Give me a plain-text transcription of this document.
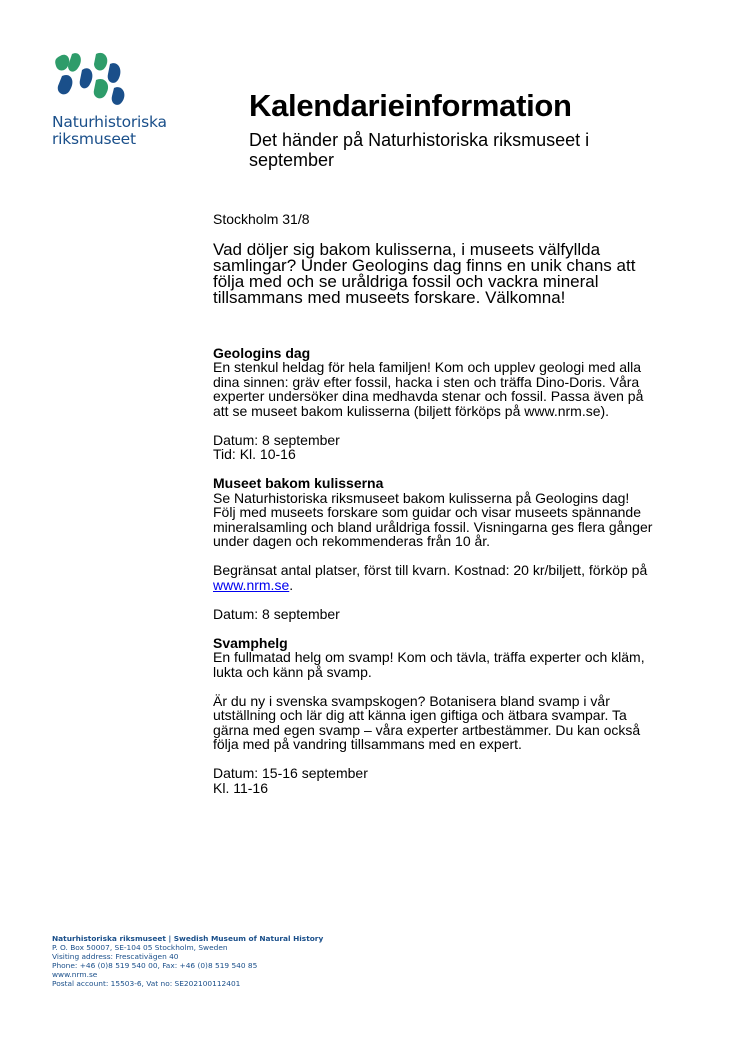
Naturhistoriska
riksmuseet
Kalendarieinformation
Det händer på Naturhistoriska riksmuseet i september

Stockholm 31/8

Vad döljer sig bakom kulisserna, i museets välfyllda samlingar? Under Geologins dag finns en unik chans att följa med och se uråldriga fossil och vackra mineral tillsammans med museets forskare. Välkomna!

Geologins dag

En stenkul heldag för hela familjen! Kom och upplev geologi med alla dina sinnen: gräv efter fossil, hacka i sten och träffa Dino-Doris. Våra experter undersöker dina medhavda stenar och fossil. Passa även på att se museet bakom kulisserna (biljett förköps på www.nrm.se).

Datum: 8 september

Tid: Kl. 10-16

Museet bakom kulisserna

Se Naturhistoriska riksmuseet bakom kulisserna på Geologins dag! Följ med museets forskare som guidar och visar museets spännande mineralsamling och bland uråldriga fossil. Visningarna ges flera gånger under dagen och rekommenderas från 10 år.

Begränsat antal platser, först till kvarn. Kostnad: 20 kr/biljett, förköp på www.nrm.se.

Datum: 8 september

Svamphelg

En fullmatad helg om svamp! Kom och tävla, träffa experter och kläm, lukta och känn på svamp.

Är du ny i svenska svampskogen? Botanisera bland svamp i vår utställning och lär dig att känna igen giftiga och ätbara svampar. Ta gärna med egen svamp – våra experter artbestämmer. Du kan också följa med på vandring tillsammans med en expert.

Datum: 15-16 september
Kl. 11-16
Naturhistoriska riksmuseet | Swedish Museum of Natural History
P. O. Box 50007, SE-104 05 Stockholm, Sweden
Visiting address: Frescativägen 40
Phone: +46 (0)8 519 540 00, Fax: +46 (0)8 519 540 85
www.nrm.se
Postal account: 15503-6, Vat no: SE202100112401
